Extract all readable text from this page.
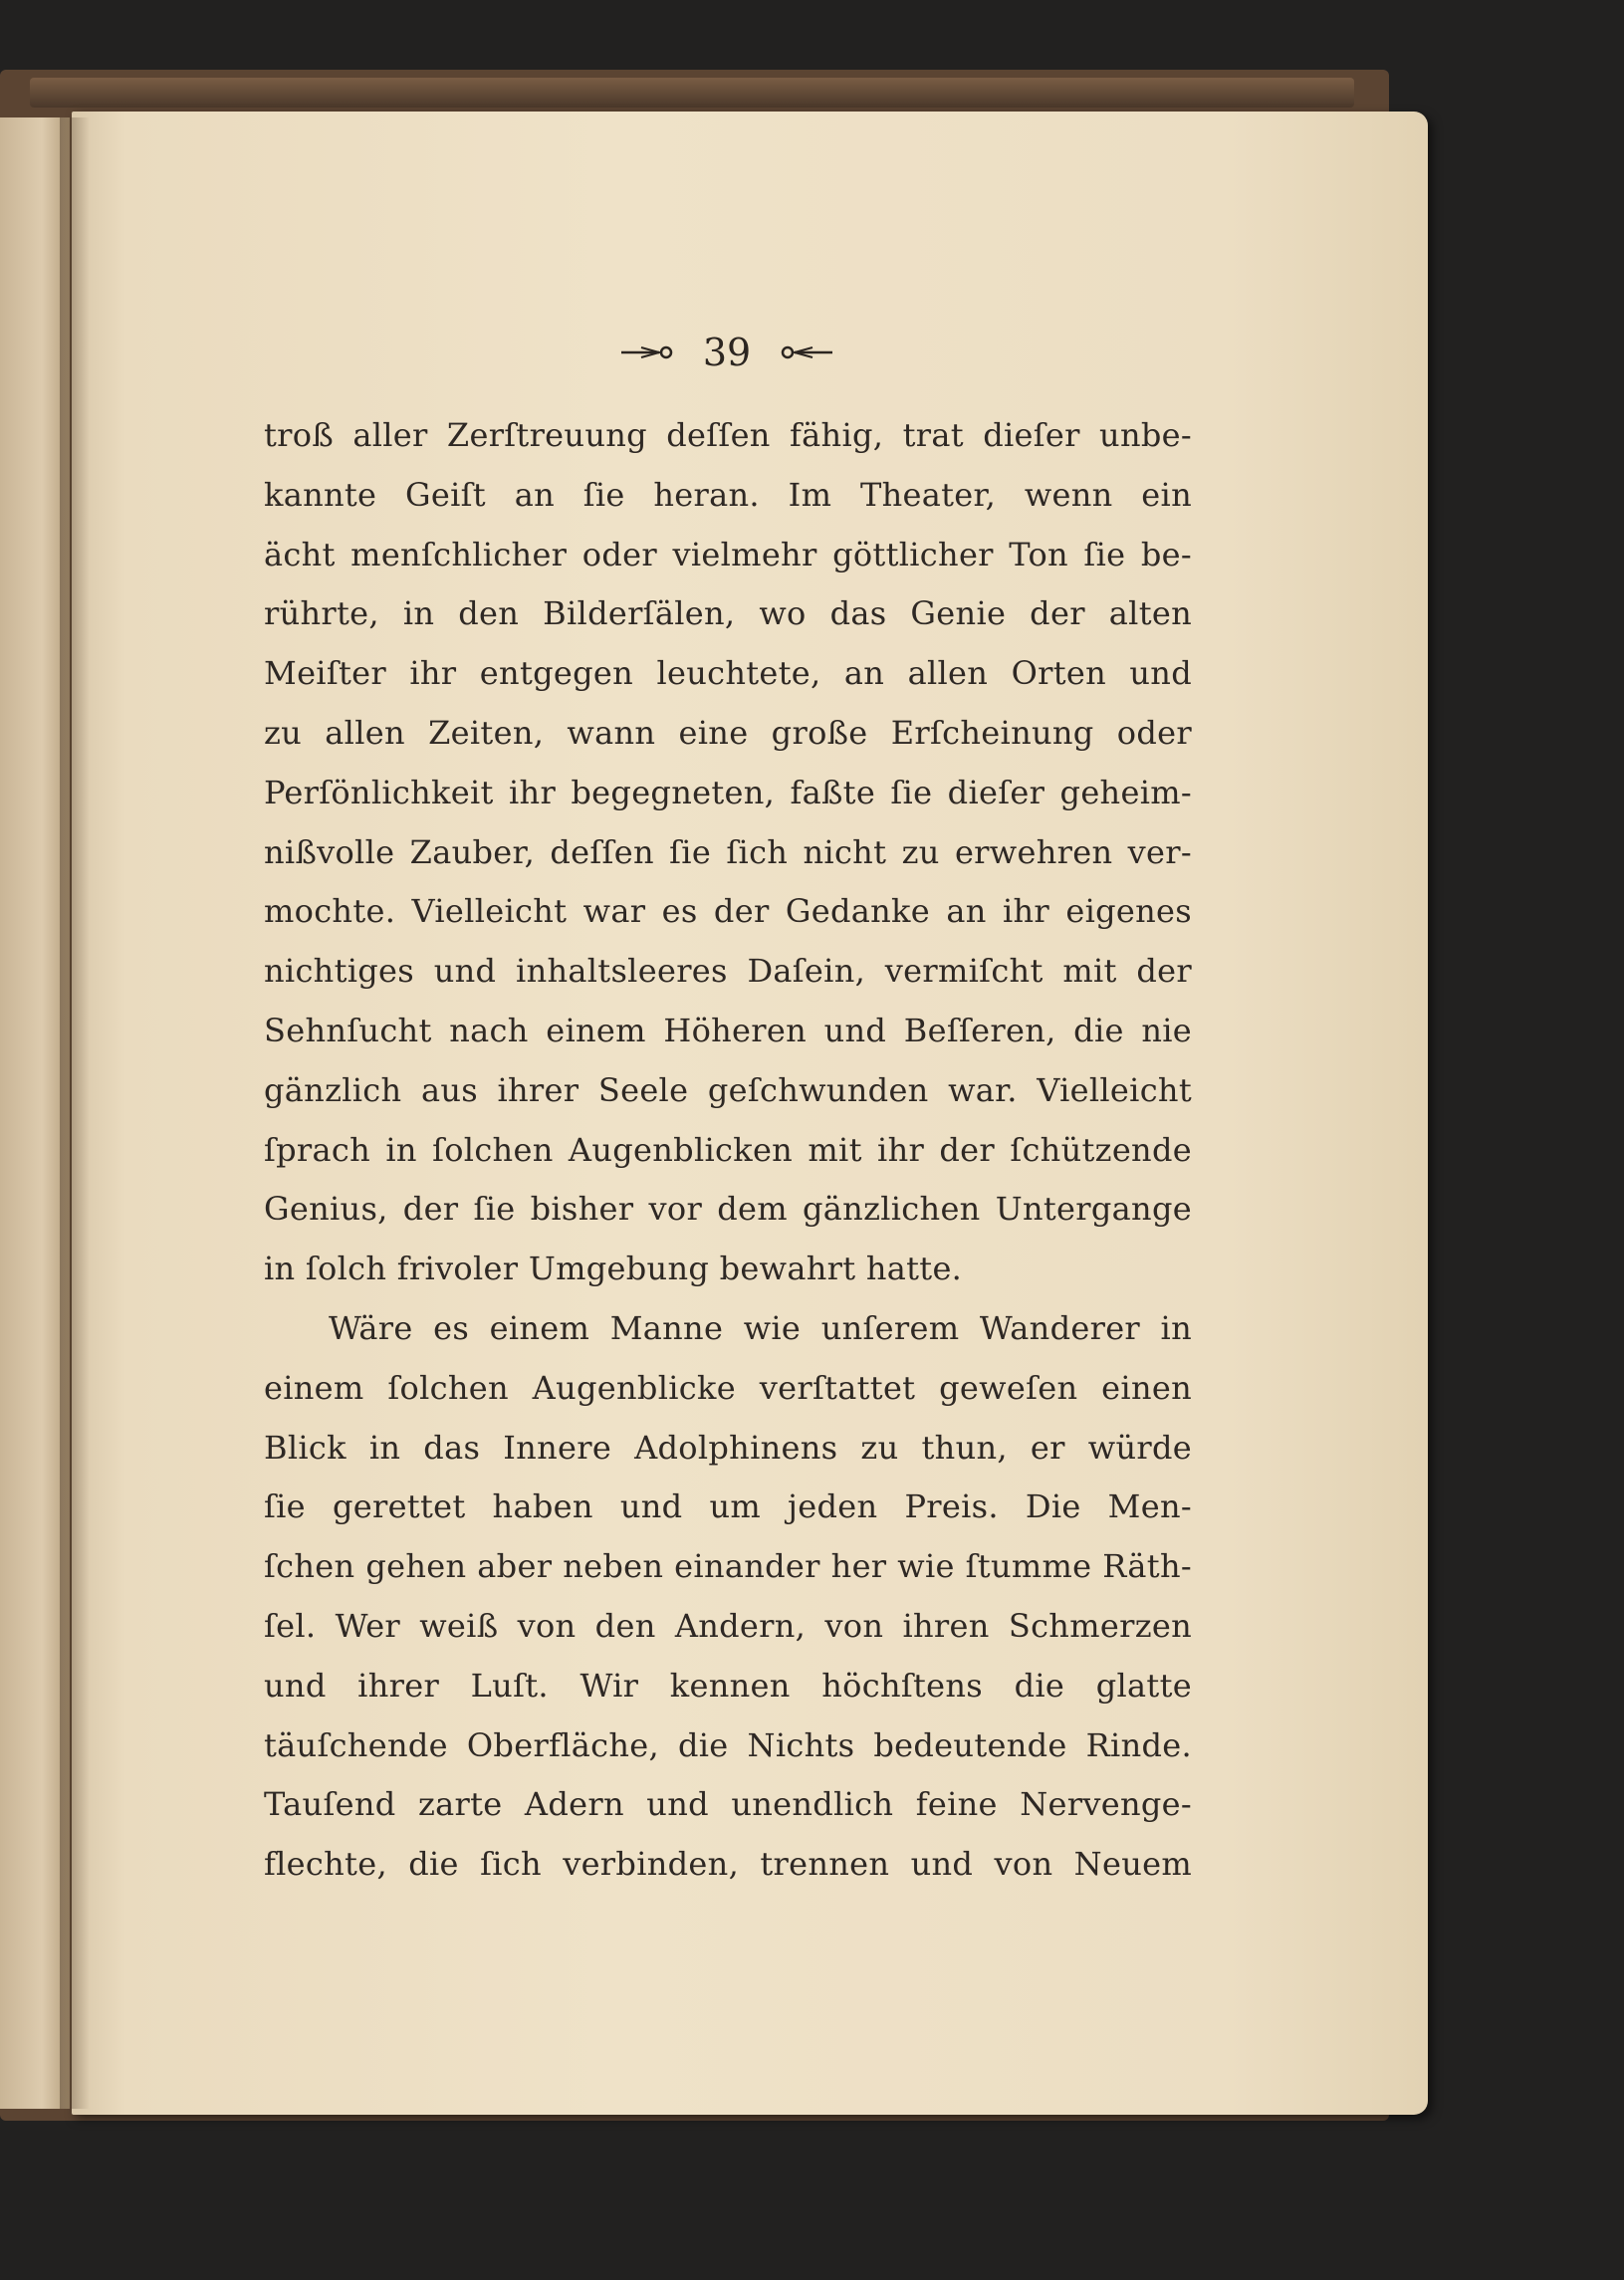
39
troß aller Zerſtreuung deſſen fähig, trat dieſer unbe-
kannte Geiſt an ſie heran. Im Theater, wenn ein
ächt menſchlicher oder vielmehr göttlicher Ton ſie be-
rührte, in den Bilderſälen, wo das Genie der alten
Meiſter ihr entgegen leuchtete, an allen Orten und
zu allen Zeiten, wann eine große Erſcheinung oder
Perſönlichkeit ihr begegneten, faßte ſie dieſer geheim-
nißvolle Zauber, deſſen ſie ſich nicht zu erwehren ver-
mochte. Vielleicht war es der Gedanke an ihr eigenes
nichtiges und inhaltsleeres Daſein, vermiſcht mit der
Sehnſucht nach einem Höheren und Beſſeren, die nie
gänzlich aus ihrer Seele geſchwunden war. Vielleicht
ſprach in ſolchen Augenblicken mit ihr der ſchützende
Genius, der ſie bisher vor dem gänzlichen Untergange
in ſolch frivoler Umgebung bewahrt hatte.
Wäre es einem Manne wie unſerem Wanderer in
einem ſolchen Augenblicke verſtattet geweſen einen
Blick in das Innere Adolphinens zu thun, er würde
ſie gerettet haben und um jeden Preis. Die Men-
ſchen gehen aber neben einander her wie ſtumme Räth-
ſel. Wer weiß von den Andern, von ihren Schmerzen
und ihrer Luſt. Wir kennen höchſtens die glatte
täuſchende Oberfläche, die Nichts bedeutende Rinde.
Tauſend zarte Adern und unendlich feine Nervenge-
flechte, die ſich verbinden, trennen und von Neuem
